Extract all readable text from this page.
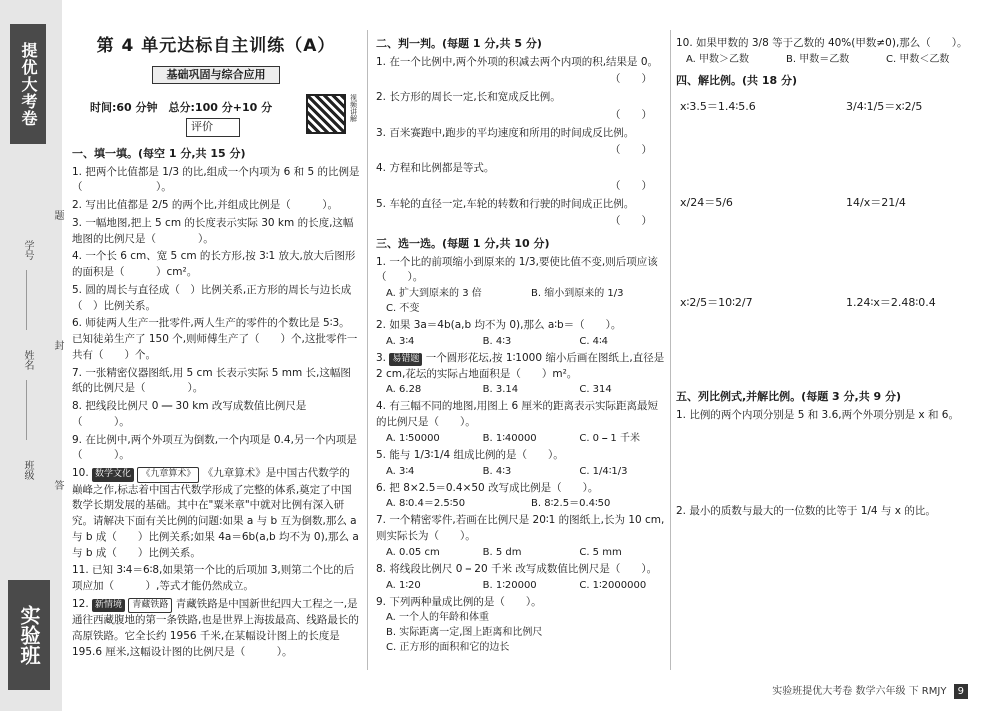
提优大考卷
学号
姓名
班级
题
封
答
实验班
第 4 单元达标自主训练（A）
基础巩固与综合应用
时间:60 分钟　总分:100 分+10 分
评价
视频讲解
一、填一填。(每空 1 分,共 15 分)
1. 把两个比值都是 1/3 的比,组成一个内项为 6 和 5 的比例是（　　　　　　　）。
2. 写出比值都是 2/5 的两个比,并组成比例是（　　　）。
3. 一幅地图,把上 5 cm 的长度表示实际 30 km 的长度,这幅地图的比例尺是（　　　　）。
4. 一个长 6 cm、宽 5 cm 的长方形,按 3∶1 放大,放大后图形的面积是（　　　）cm²。
5. 圆的周长与直径成（　）比例关系,正方形的周长与边长成（　）比例关系。
6. 师徒两人生产一批零件,两人生产的零件的个数比是 5∶3。已知徒弟生产了 150 个,则师傅生产了（　　）个,这批零件一共有（　　）个。
7. 一张精密仪器图纸,用 5 cm 长表示实际 5 mm 长,这幅图纸的比例尺是（　　　　）。
8. 把线段比例尺 0 ⎯⎯ 30 km 改写成数值比例尺是（　　　）。
9. 在比例中,两个外项互为倒数,一个内项是 0.4,另一个内项是（　　　）。
10. 数学文化 《九章算术》 《九章算术》是中国古代数学的巅峰之作,标志着中国古代数学形成了完整的体系,奠定了中国数学长期发展的基础。其中在"粟米章"中就对比例有深入研究。请解决下面有关比例的问题:如果 a 与 b 互为倒数,那么 a 与 b 成（　　）比例关系;如果 4a＝6b(a,b 均不为 0),那么 a 与 b 成（　　）比例关系。
11. 已知 3∶4＝6∶8,如果第一个比的后项加 3,则第二个比的后项应加（　　　）,等式才能仍然成立。
12. 新情境 青藏铁路 青藏铁路是中国新世纪四大工程之一,是通往西藏腹地的第一条铁路,也是世界上海拔最高、线路最长的高原铁路。它全长约 1956 千米,在某幅设计图上的长度是 195.6 厘米,这幅设计图的比例尺是（　　　）。
二、判一判。(每题 1 分,共 5 分)
1. 在一个比例中,两个外项的积减去两个内项的积,结果是 0。
（　　）
2. 长方形的周长一定,长和宽成反比例。
（　　）
3. 百米赛跑中,跑步的平均速度和所用的时间成反比例。
（　　）
4. 方程和比例都是等式。
（　　）
5. 车轮的直径一定,车轮的转数和行驶的时间成正比例。
（　　）
三、选一选。(每题 1 分,共 10 分)
1. 一个比的前项缩小到原来的 1/3,要使比值不变,则后项应该（　　）。
A. 扩大到原来的 3 倍	B. 缩小到原来的 1/3
C. 不变
2. 如果 3a＝4b(a,b 均不为 0),那么 a∶b＝（　　）。
A. 3∶4	B. 4∶3	C. 4∶4
3. 易错题 一个圆形花坛,按 1∶1000 缩小后画在图纸上,直径是 2 cm,花坛的实际占地面积是（　　）m²。
A. 6.28	B. 3.14	C. 314
4. 有三幅不同的地图,用图上 6 厘米的距离表示实际距离最短的比例尺是（　　）。
A. 1∶50000	B. 1∶40000	C. 0 ⎯ 1 千米
5. 能与 1/3∶1/4 组成比例的是（　　）。
A. 3∶4	B. 4∶3	C. 1/4∶1/3
6. 把 8×2.5＝0.4×50 改写成比例是（　　）。
A. 8∶0.4＝2.5∶50	B. 8∶2.5＝0.4∶50
7. 一个精密零件,若画在比例尺是 20∶1 的图纸上,长为 10 cm,则实际长为（　　）。
A. 0.05 cm	B. 5 dm	C. 5 mm
8. 将线段比例尺 0 ⎯ 20 千米 改写成数值比例尺是（　　）。
A. 1∶20	B. 1∶20000	C. 1∶2000000
9. 下列两种量成比例的是（　　）。
A. 一个人的年龄和体重
B. 实际距离一定,图上距离和比例尺
C. 正方形的面积和它的边长
10. 如果甲数的 3/8 等于乙数的 40%(甲数≠0),那么（　　）。
A. 甲数＞乙数	B. 甲数＝乙数	C. 甲数＜乙数
四、解比例。(共 18 分)
x∶3.5＝1.4∶5.6	3/4∶1/5＝x∶2/5
x/24＝5/6	14/x＝21/4
x∶2/5＝10∶2/7	1.24∶x＝2.48∶0.4
五、列比例式,并解比例。(每题 3 分,共 9 分)
1. 比例的两个内项分别是 5 和 3.6,两个外项分别是 x 和 6。
2. 最小的质数与最大的一位数的比等于 1/4 与 x 的比。
实验班提优大考卷 数学六年级 下 RMJY 9
